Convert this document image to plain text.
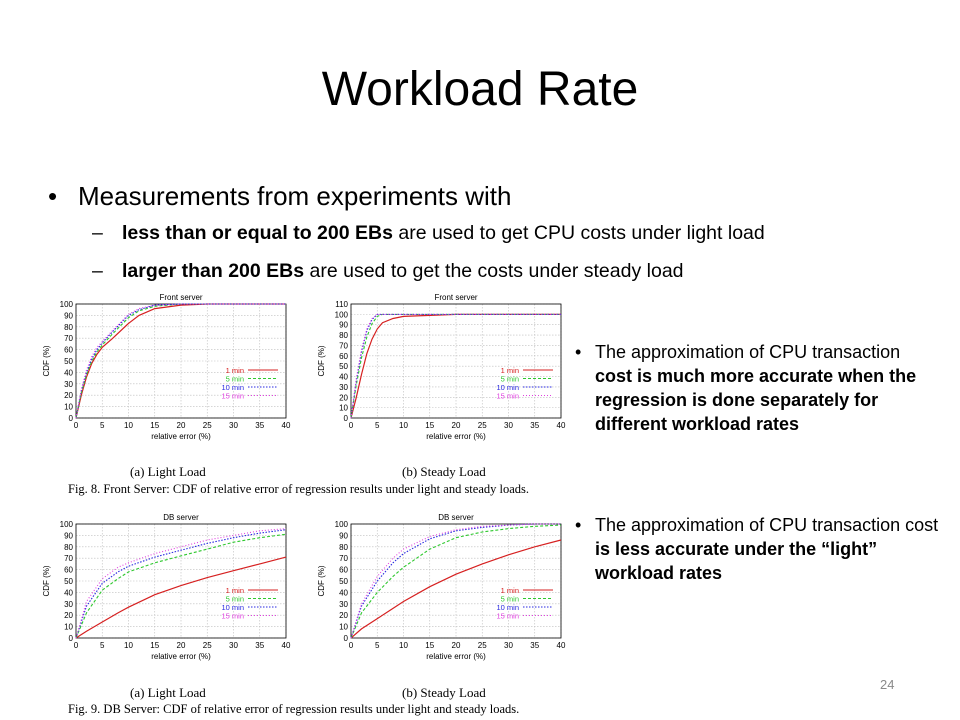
Workload Rate
• Measurements from experiments with
– less than or equal to 200 EBs are used to get CPU costs under light load
– larger than 200 EBs are used to get the costs under steady load
Front server
0	5 10 15 20 25 30 35 40
0
10
20
30
40
50
60
70
80
90
100
relative error (%)
CDF (%)	1 min
5 min
10 min
15 min
Front server
0	5 10 15 20 25 30 35 40
0
10
20
30
40
50
60
70
80
90
100
110
relative error (%)
CDF (%)	1 min
5 min
10 min
15 min
DB server
0	5 10 15 20 25 30 35 40
0
10
20
30
40
50
60
70
80
90
100
relative error (%)
CDF (%)	1 min
5 min
10 min
15 min
DB server
0	5 10 15 20 25 30 35 40
0
10
20
30
40
50
60
70
80
90
100
relative error (%)
CDF (%)	1 min
5 min
10 min
15 min
(a) Light Load	(b) Steady Load
Fig. 8. Front Server: CDF of relative error of regression results under light and steady loads.
(a) Light Load	(b) Steady Load
Fig. 9. DB Server: CDF of relative error of regression results under light and steady loads.
• The approximation of CPU transaction cost is much more accurate when the regression is done separately for different workload rates
• The approximation of CPU transaction cost is less accurate under the “light” workload rates
24
